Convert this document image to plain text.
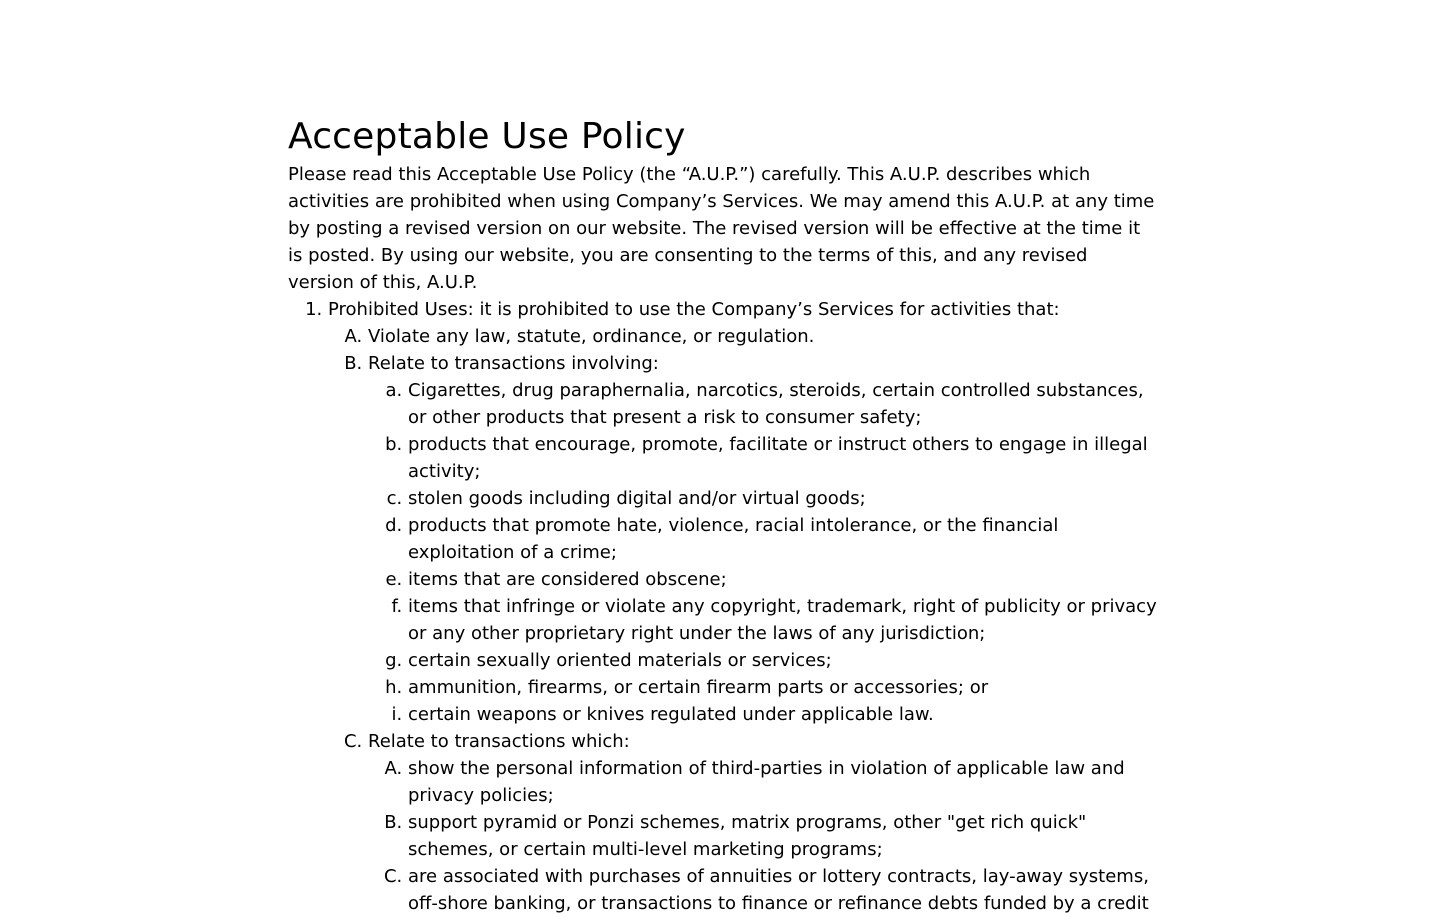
Acceptable Use Policy

Please read this Acceptable Use Policy (the “A.U.P.”) carefully. This A.U.P. describes which activities are prohibited when using Company’s Services. We may amend this A.U.P. at any time by posting a revised version on our website. The revised version will be effective at the time it is posted. By using our website, you are consenting to the terms of this, and any revised version of this, A.U.P.

1. Prohibited Uses: it is prohibited to use the Company’s Services for activities that:
A. Violate any law, statute, ordinance, or regulation.
B. Relate to transactions involving:
a. Cigarettes, drug paraphernalia, narcotics, steroids, certain controlled substances, or other products that present a risk to consumer safety;
b. products that encourage, promote, facilitate or instruct others to engage in illegal activity;
c. stolen goods including digital and/or virtual goods;
d. products that promote hate, violence, racial intolerance, or the financial exploitation of a crime;
e. items that are considered obscene;
f. items that infringe or violate any copyright, trademark, right of publicity or privacy or any other proprietary right under the laws of any jurisdiction;
g. certain sexually oriented materials or services;
h. ammunition, firearms, or certain firearm parts or accessories; or
i. certain weapons or knives regulated under applicable law.
C. Relate to transactions which:
A. show the personal information of third-parties in violation of applicable law and privacy policies;
B. support pyramid or Ponzi schemes, matrix programs, other "get rich quick" schemes, or certain multi-level marketing programs;
C. are associated with purchases of annuities or lottery contracts, lay-away systems, off-shore banking, or transactions to finance or refinance debts funded by a credit
